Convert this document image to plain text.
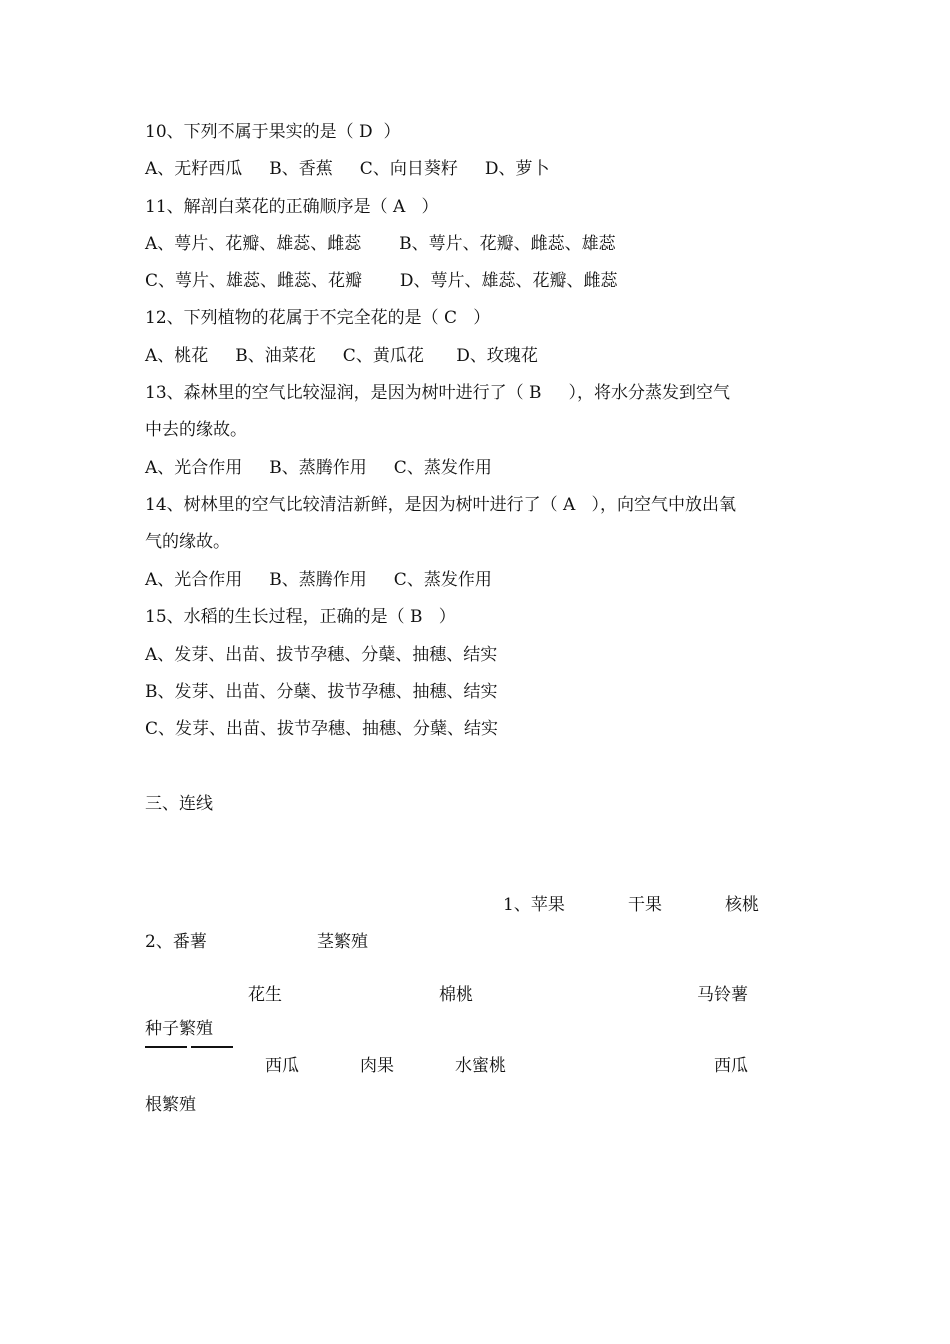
10、下列不属于果实的是（ D  ）
A、无籽西瓜     B、香蕉     C、向日葵籽     D、萝卜
11、解剖白菜花的正确顺序是（ A   ）
A、萼片、花瓣、雄蕊、雌蕊       B、萼片、花瓣、雌蕊、雄蕊
C、萼片、雄蕊、雌蕊、花瓣       D、萼片、雄蕊、花瓣、雌蕊
12、下列植物的花属于不完全花的是（ C   ）
A、桃花     B、油菜花     C、黄瓜花      D、玫瑰花
13、森林里的空气比较湿润，是因为树叶进行了（ B     ），将水分蒸发到空气
中去的缘故。
A、光合作用     B、蒸腾作用     C、蒸发作用
14、树林里的空气比较清洁新鲜，是因为树叶进行了（ A   ），向空气中放出氧
气的缘故。
A、光合作用     B、蒸腾作用     C、蒸发作用
15、水稻的生长过程，正确的是（ B   ）
A、发芽、出苗、拔节孕穗、分蘖、抽穗、结实
B、发芽、出苗、分蘖、拔节孕穗、抽穗、结实
C、发芽、出苗、拔节孕穗、抽穗、分蘖、结实
三、连线
1、苹果	干果	核桃
2、番薯	茎繁殖
花生	棉桃	马铃薯
种子繁殖
西瓜	肉果	水蜜桃	西瓜
根繁殖
